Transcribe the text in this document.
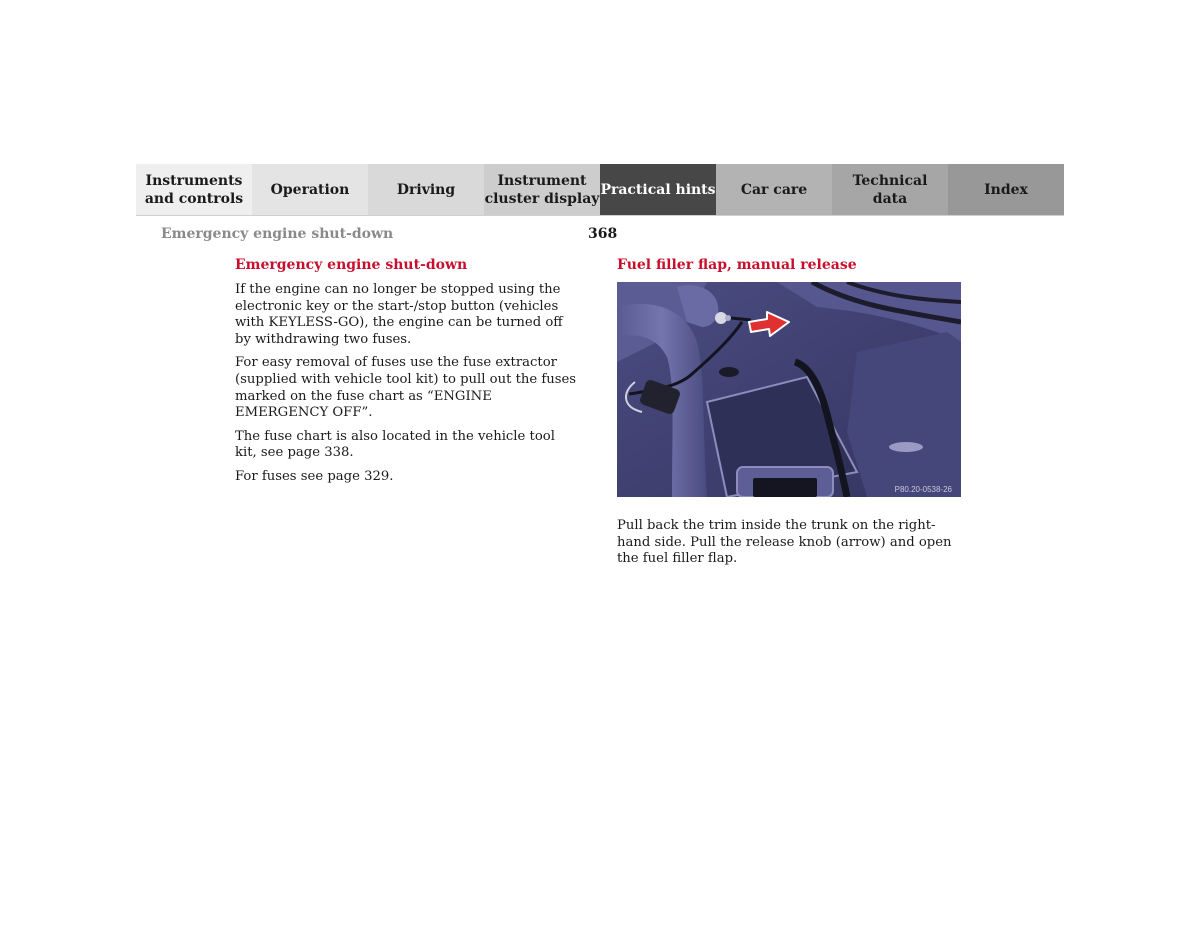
Instruments
and controls
Operation	Driving
Instrument
cluster display
Practical hints	Car care
Technical
data
Index
Emergency engine shut-down	368
Emergency engine shut-down

If the engine can no longer be stopped using the electronic key or the start-/stop button (vehicles with KEYLESS-GO), the engine can be turned off by withdrawing two fuses.

For easy removal of fuses use the fuse extractor (supplied with vehicle tool kit) to pull out the fuses marked on the fuse chart as “ENGINE EMERGENCY OFF”.

The fuse chart is also located in the vehicle tool kit, see page 338.

For fuses see page 329.

Fuel filler flap, manual release
P80.20-0538-26

Pull back the trim inside the trunk on the right-hand side. Pull the release knob (arrow) and open the fuel filler flap.
